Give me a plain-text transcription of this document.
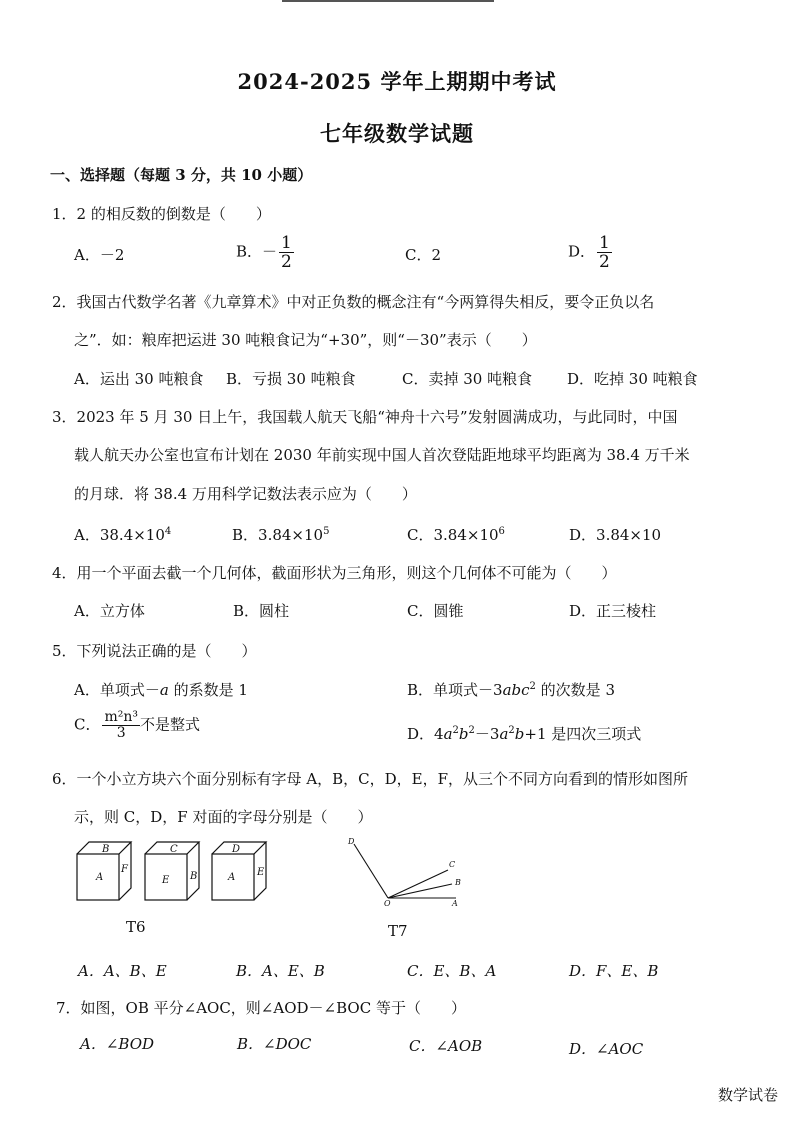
2024-2025 学年上期期中考试
七年级数学试题
一、选择题（每题 3 分，共 10 小题）
1．2 的相反数的倒数是（　　）
A．－2	B．－ $\frac{1}{2}$	C．2	D． $\frac{1}{2}$
2．我国古代数学名著《九章算术》中对正负数的概念注有“今两算得失相反，要令正负以名
之”．如：粮库把运进 30 吨粮食记为“+30”，则“－30”表示（　　）
A．运出 30 吨粮食 B．亏损 30 吨粮食	C．卖掉 30 吨粮食 D．吃掉 30 吨粮食
3．2023 年 5 月 30 日上午，我国载人航天飞船“神舟十六号”发射圆满成功，与此同时，中国
载人航天办公室也宣布计划在 2030 年前实现中国人首次登陆距地球平均距离为 38.4 万千米
的月球．将 38.4 万用科学记数法表示应为（　　）
A．$38.4\times 10^4$	B．$3.84\times 10^5$	C．$3.84\times 10^6$	D．3.84×10
4．用一个平面去截一个几何体，截面形状为三角形，则这个几何体不可能为（　　）
A．立方体	B．圆柱	C．圆锥	D．正三棱柱
5．下列说法正确的是（　　）
A．单项式－a 的系数是 1	B．单项式－3abc$^2$ 的次数是 3
C． $\frac{\text{m²n³}}{3}$ 不是整式
D．$4a^2b^2-3a^2b+1$ 是四次三项式
6．一个小立方块六个面分别标有字母 A，B，C，D，E，F，从三个不同方向看到的情形如图所
示，则 C，D，F 对面的字母分别是（　　）
A
B
F
E
C
B	A
D
E
T6
D
C
B
A
O
T7
A．A、B、E	B．A、E、B	C．E、B、A	D．F、E、B
7．如图，OB 平分∠AOC，则∠AOD－∠BOC 等于（　　）
A．∠BOD	B．∠DOC	C．∠AOB	D．∠AOC
数学试卷
